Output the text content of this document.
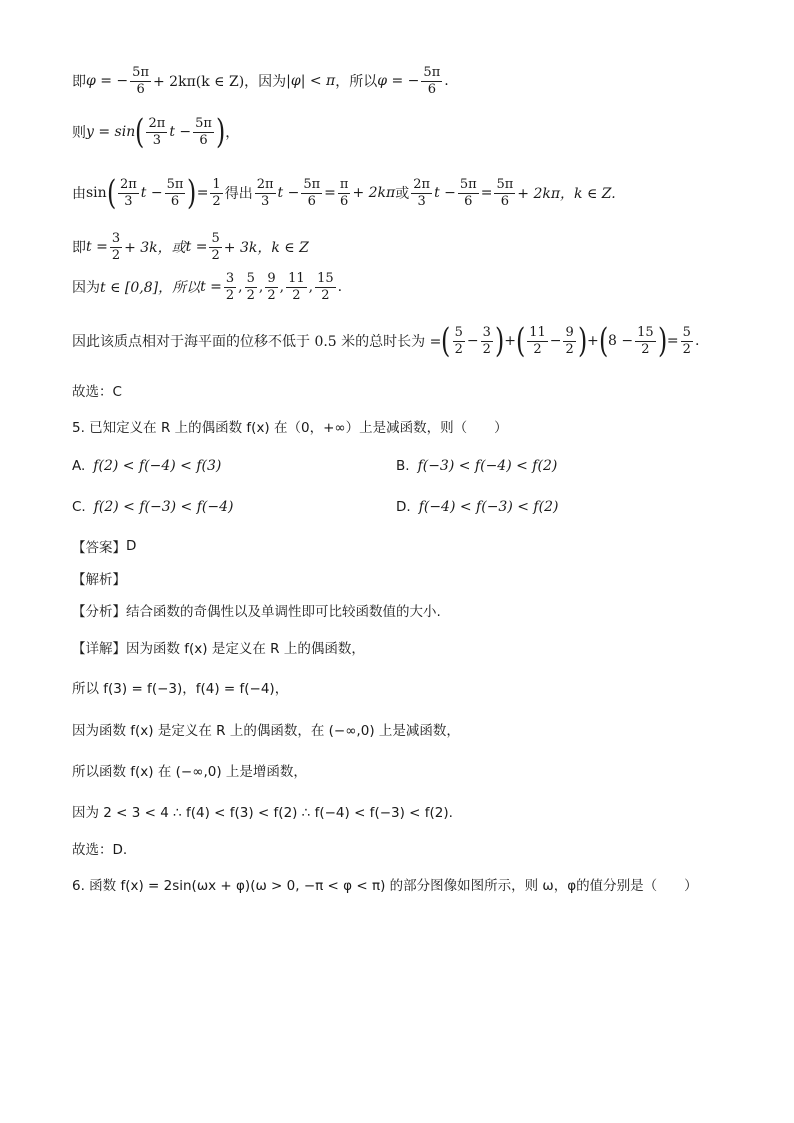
即 φ = − $\frac{5\pi}{6} + 2k\pi(k$ ∈ Z)，因为 |φ| < π ，所以 φ = − $\frac{5\pi}{6}$ .
则 y = sin ( $\frac{2\pi}{3}$ $t - \frac{5\pi}{6}$ ) ，
由 sin ( $\frac{2\pi}{3}$ $t - \frac{5\pi}{6}$ ) = $\frac{1}{2}$ 得出 $\frac{2\pi}{3}$ $t - \frac{5\pi}{6} = \frac{\pi}{6} + 2k\pi$ 或 $\frac{2\pi}{3}$ $t - \frac{5\pi}{6} = \frac{5\pi}{6} + 2k\pi$，k ∈ Z.
即 $t = \frac{3}{2} + 3k$，或 $t = \frac{5}{2} + 3k$，k ∈ Z
因为 t ∈ [0,8]，所以 $t = \frac{3}{2}$ , $\frac{5}{2}$ , $\frac{9}{2}$ , $\frac{11}{2}$ , $\frac{15}{2}$ .
因此该质点相对于海平面的位移不低于 0.5 米的总时长为 = ( $\frac{5}{2} - \frac{3}{2}$ ) + ( $\frac{11}{2} - \frac{9}{2}$ ) + ( $8 - \frac{15}{2}$ ) = $\frac{5}{2}$ .
故选：C
5. 已知定义在 R 上的偶函数 f(x) 在（0，+∞）上是减函数，则（　　）
A. f(2) < f(−4) < f(3)	B. f(−3) < f(−4) < f(2)
C. f(2) < f(−3) < f(−4)	D. f(−4) < f(−3) < f(2)
【答案】 D
【解析】
【分析】 结合函数的奇偶性以及单调性即可比较函数值的大小.
【详解】 因为函数 f(x) 是定义在 R 上的偶函数，
所以 f(3) = f(−3)，f(4) = f(−4)，
因为函数 f(x) 是定义在 R 上的偶函数，在 (−∞,0) 上是减函数，
所以函数 f(x) 在 (−∞,0) 上是增函数，
因为 2 < 3 < 4 ∴ f(4) < f(3) < f(2) ∴ f(−4) < f(−3) < f(2).
故选：D.
6. 函数 f(x) = 2sin(ωx + φ)(ω > 0, −π < φ < π) 的部分图像如图所示，则 ω，φ的值分别是（　　）
